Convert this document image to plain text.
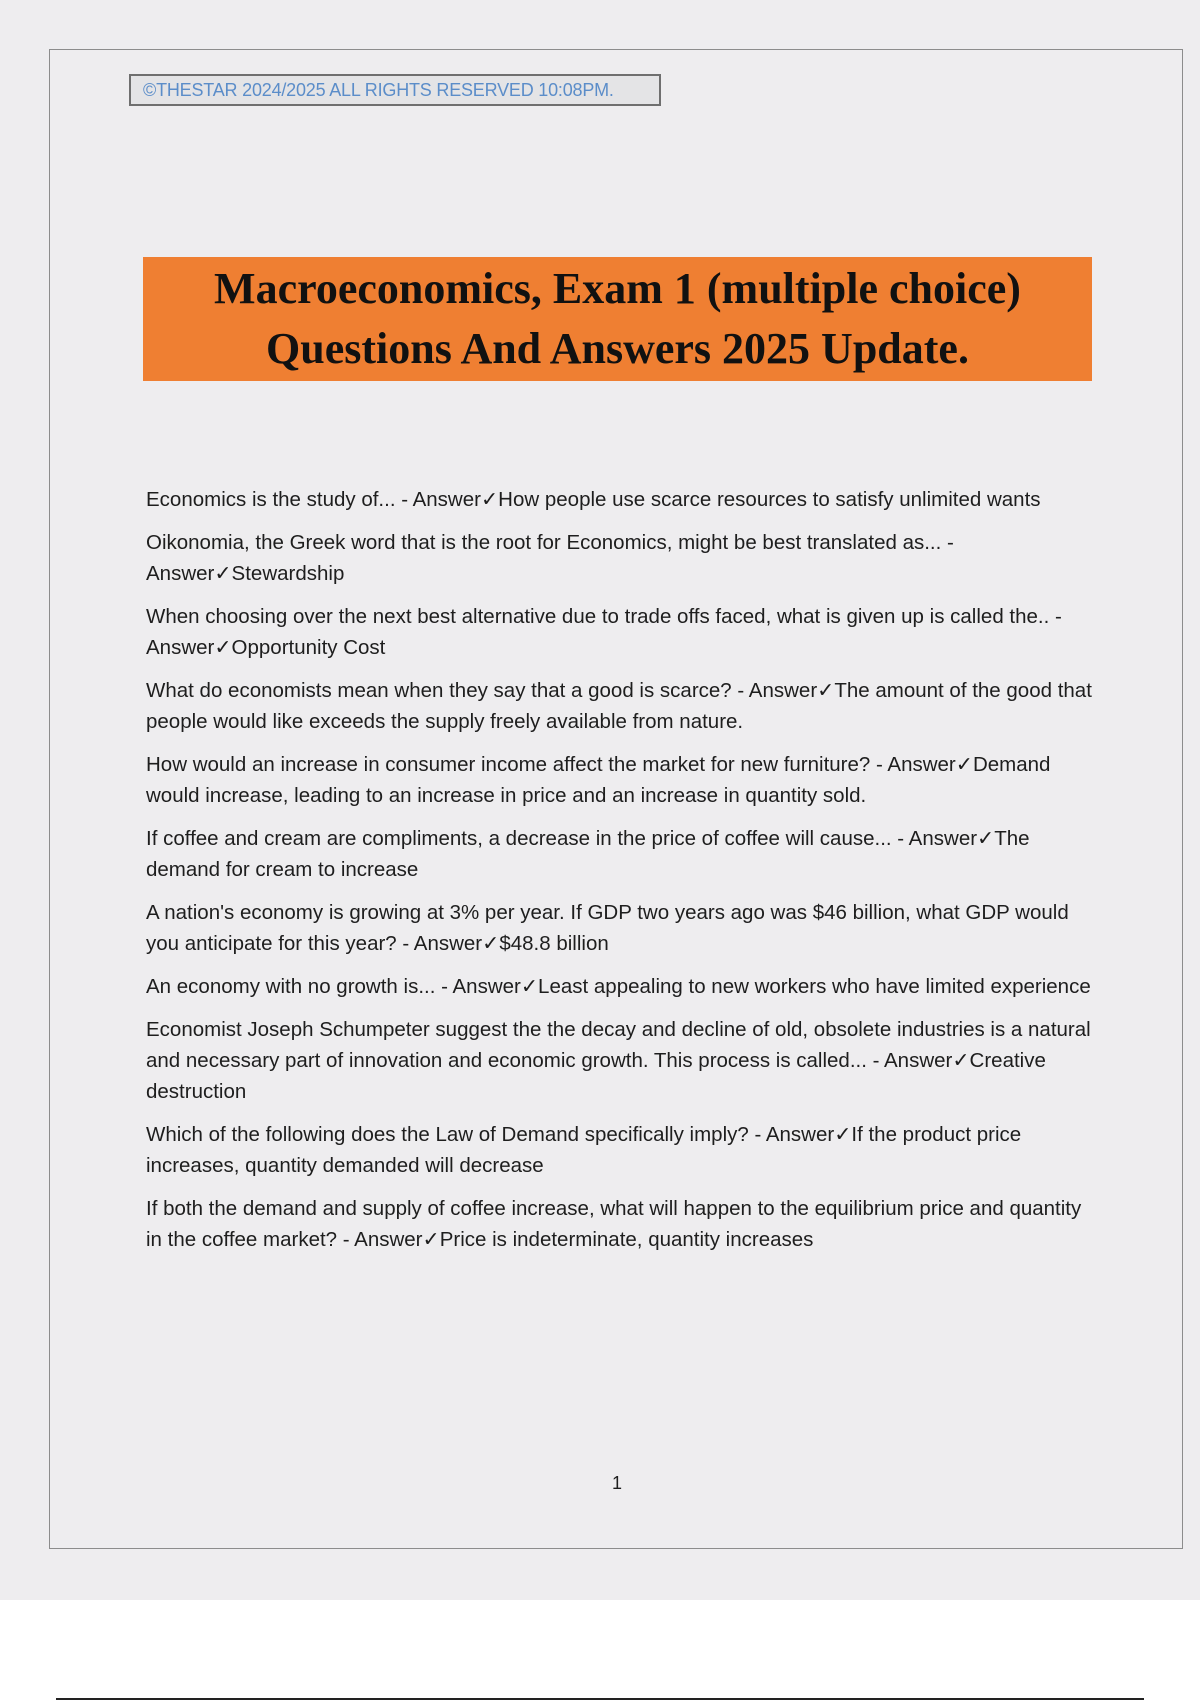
©THESTAR 2024/2025 ALL RIGHTS RESERVED 10:08PM.
Macroeconomics, Exam 1 (multiple choice)
Questions And Answers 2025 Update.
Economics is the study of... - Answer✓How people use scarce resources to satisfy unlimited wants
Oikonomia, the Greek word that is the root for Economics, might be best translated as... - Answer✓Stewardship
When choosing over the next best alternative due to trade offs faced, what is given up is called the.. - Answer✓Opportunity Cost
What do economists mean when they say that a good is scarce? - Answer✓The amount of the good that people would like exceeds the supply freely available from nature.
How would an increase in consumer income affect the market for new furniture? - Answer✓Demand would increase, leading to an increase in price and an increase in quantity sold.
If coffee and cream are compliments, a decrease in the price of coffee will cause... - Answer✓The demand for cream to increase
A nation's economy is growing at 3% per year. If GDP two years ago was $46 billion, what GDP would you anticipate for this year? - Answer✓$48.8 billion
An economy with no growth is... - Answer✓Least appealing to new workers who have limited experience
Economist Joseph Schumpeter suggest the the decay and decline of old, obsolete industries is a natural and necessary part of innovation and economic growth. This process is called... - Answer✓Creative destruction
Which of the following does the Law of Demand specifically imply? - Answer✓If the product price increases, quantity demanded will decrease
If both the demand and supply of coffee increase, what will happen to the equilibrium price and quantity in the coffee market? - Answer✓Price is indeterminate, quantity increases
1
